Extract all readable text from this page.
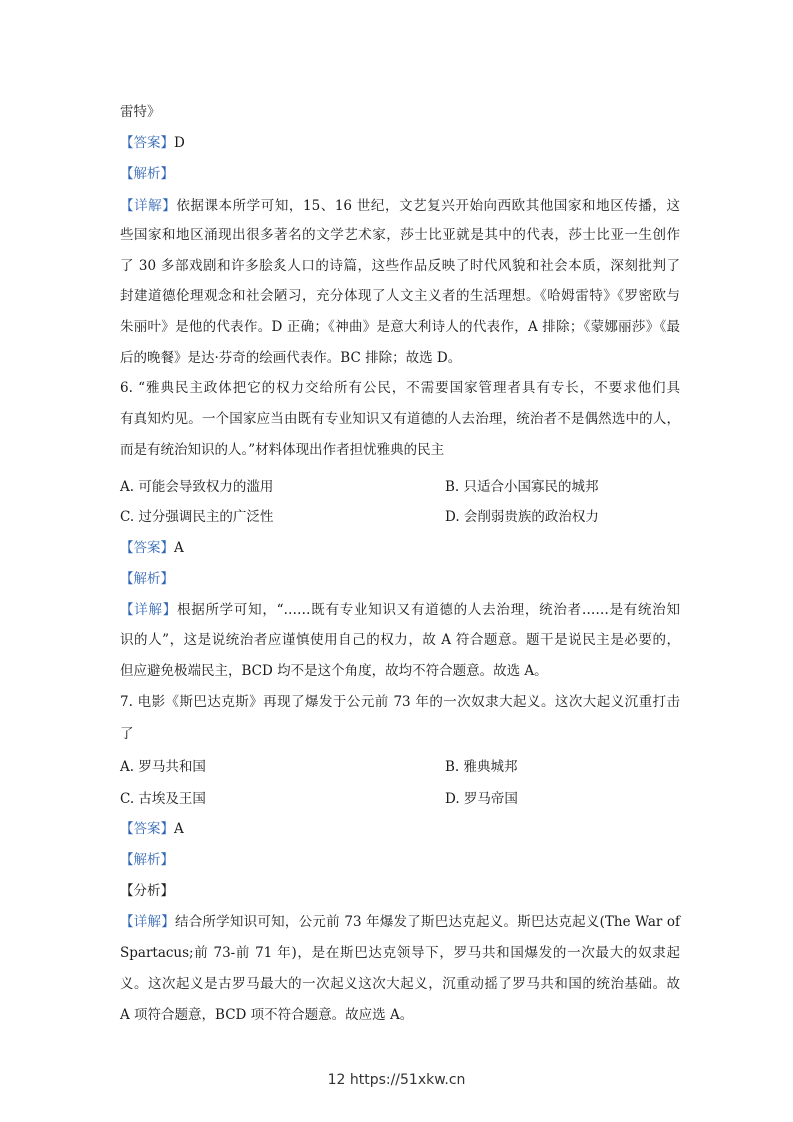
雷特》
【答案】D
【解析】
【详解】依据课本所学可知，15、16 世纪，文艺复兴开始向西欧其他国家和地区传播，这
些国家和地区涌现出很多著名的文学艺术家，莎士比亚就是其中的代表，莎士比亚一生创作
了 30 多部戏剧和许多脍炙人口的诗篇，这些作品反映了时代风貌和社会本质，深刻批判了
封建道德伦理观念和社会陋习，充分体现了人文主义者的生活理想。《哈姆雷特》《罗密欧与
朱丽叶》是他的代表作。D 正确；《神曲》是意大利诗人的代表作，A 排除；《蒙娜丽莎》《最
后的晚餐》是达·芬奇的绘画代表作。BC 排除；故选 D。
6. “雅典民主政体把它的权力交给所有公民，不需要国家管理者具有专长，不要求他们具
有真知灼见。一个国家应当由既有专业知识又有道德的人去治理，统治者不是偶然选中的人，
而是有统治知识的人。”材料体现出作者担忧雅典的民主
A. 可能会导致权力的滥用	B. 只适合小国寡民的城邦
C. 过分强调民主的广泛性	D. 会削弱贵族的政治权力
【答案】A
【解析】
【详解】根据所学可知，“……既有专业知识又有道德的人去治理，统治者……是有统治知
识的人”，这是说统治者应谨慎使用自己的权力，故 A 符合题意。题干是说民主是必要的，
但应避免极端民主，BCD 均不是这个角度，故均不符合题意。故选 A。
7. 电影《斯巴达克斯》再现了爆发于公元前 73 年的一次奴隶大起义。这次大起义沉重打击
了
A. 罗马共和国	B. 雅典城邦
C. 古埃及王国	D. 罗马帝国
【答案】A
【解析】
【分析】
【详解】结合所学知识可知，公元前 73 年爆发了斯巴达克起义。斯巴达克起义(The War of
Spartacus;前 73-前 71 年)，是在斯巴达克领导下，罗马共和国爆发的一次最大的奴隶起
义。这次起义是古罗马最大的一次起义这次大起义，沉重动摇了罗马共和国的统治基础。故
A 项符合题意，BCD 项不符合题意。故应选 A。
12 https://51xkw.cn
